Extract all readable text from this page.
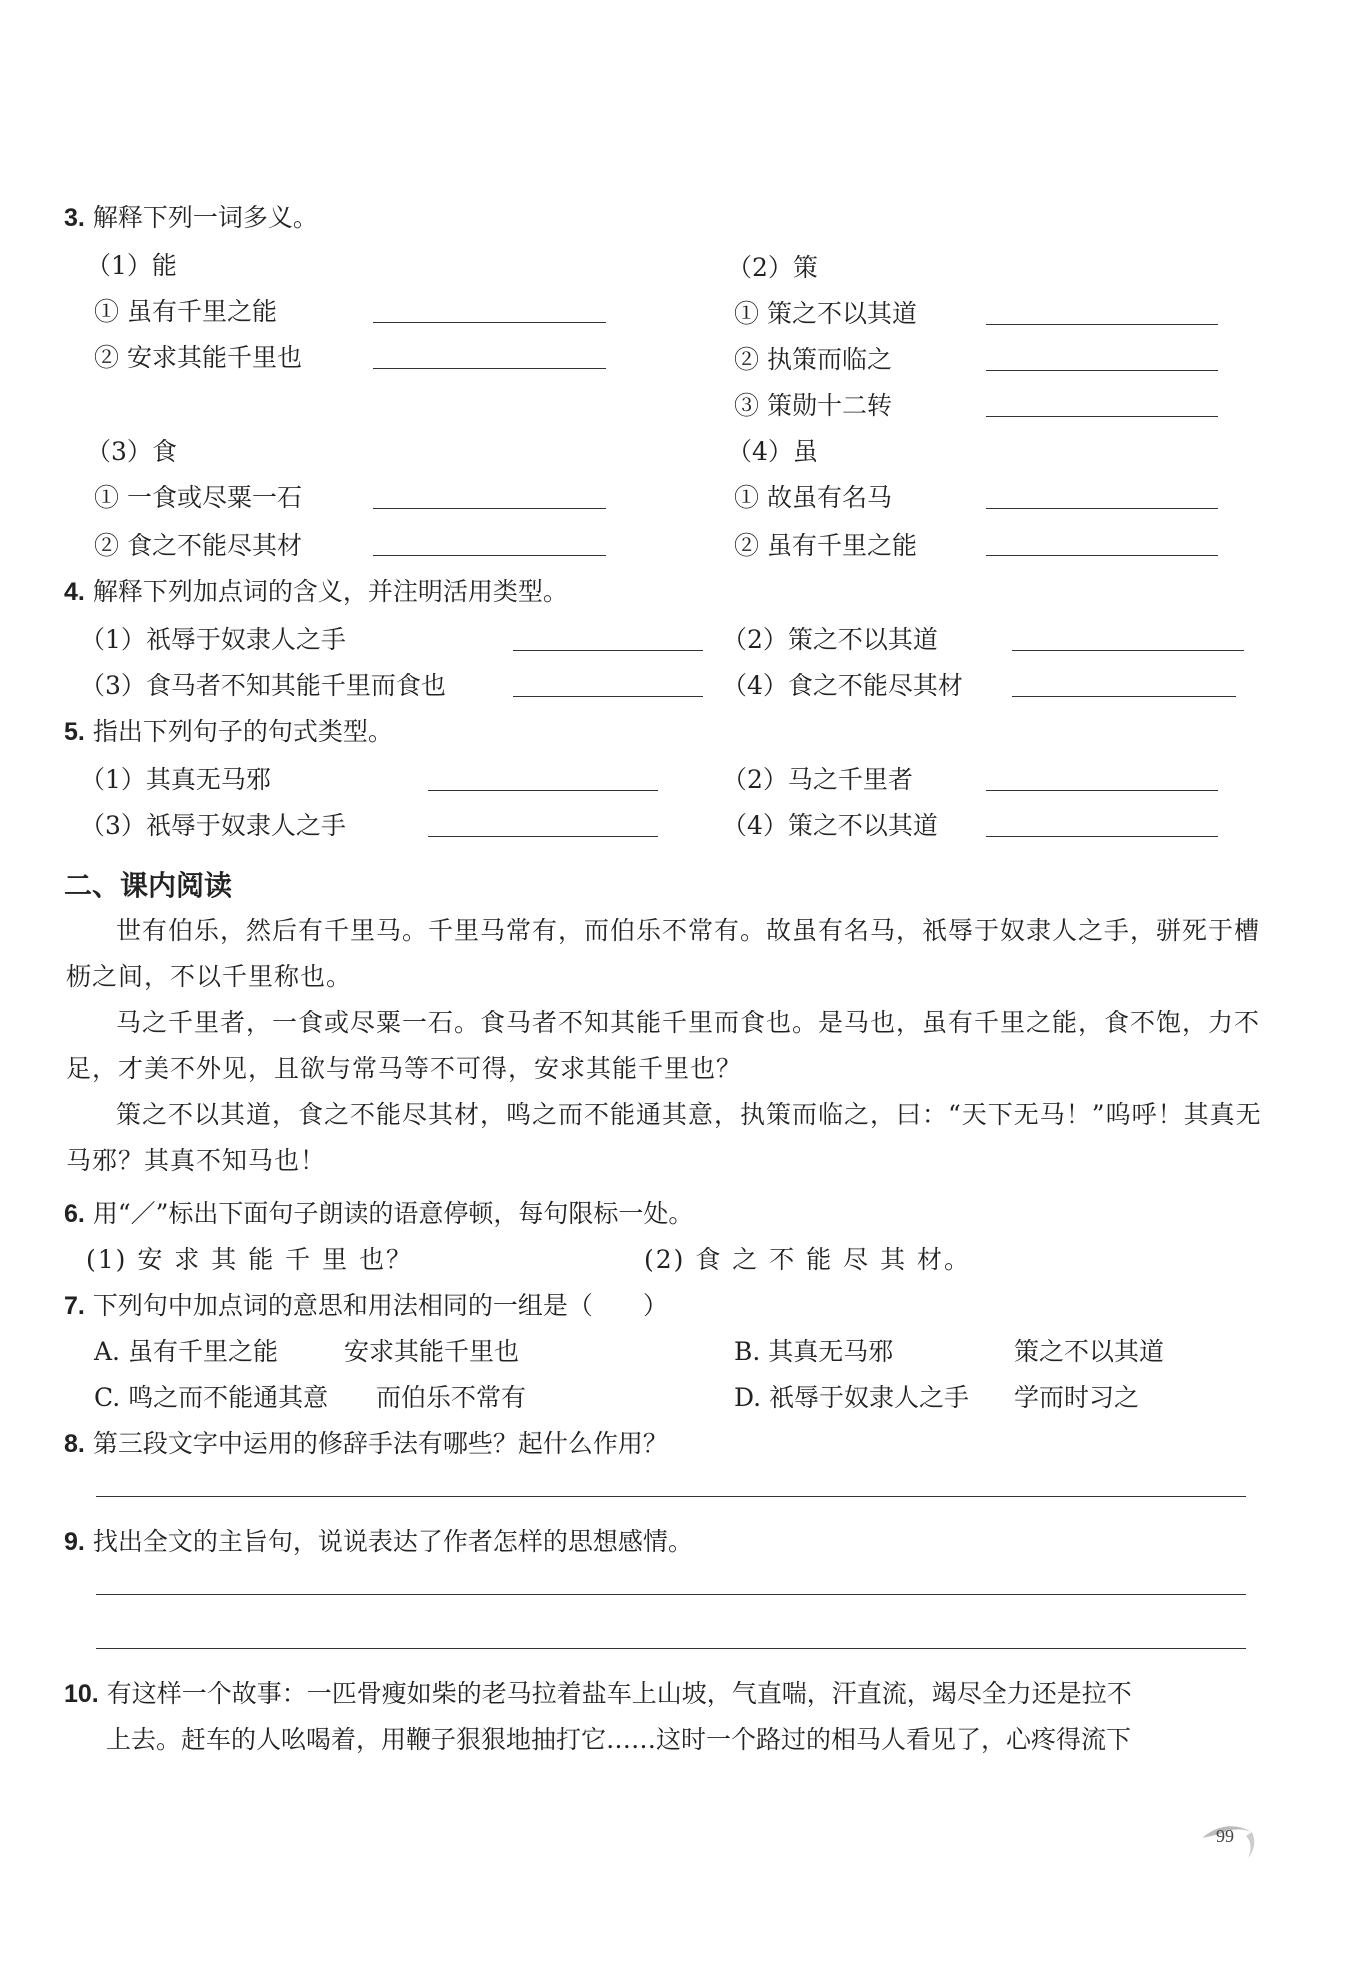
3. 解释下列一词多义。
（1）能
① 虽有千里之能
② 安求其能千里也
（2）策
① 策之不以其道
② 执策而临之
③ 策勋十二转
（3）食
① 一食或尽粟一石
② 食之不能尽其材
（4）虽
① 故虽有名马
② 虽有千里之能
4. 解释下列加点词的含义，并注明活用类型。
（1）祇辱于奴隶人之手	（2）策之不以其道
（3）食马者不知其能千里而食也	（4）食之不能尽其材
5. 指出下列句子的句式类型。
（1）其真无马邪	（2）马之千里者
（3）祇辱于奴隶人之手	（4）策之不以其道
二、课内阅读
世有伯乐，然后有千里马。千里马常有，而伯乐不常有。故虽有名马，祇辱于奴隶人之手，骈死于槽枥之间，不以千里称也。
马之千里者，一食或尽粟一石。食马者不知其能千里而食也。是马也，虽有千里之能，食不饱，力不足，才美不外见，且欲与常马等不可得，安求其能千里也？
策之不以其道，食之不能尽其材，鸣之而不能通其意，执策而临之，曰：“天下无马！”呜呼！其真无马邪？其真不知马也！
6. 用“／”标出下面句子朗读的语意停顿，每句限标一处。
(1) 安 求 其 能 千 里 也？	(2) 食 之 不 能 尽 其 材。
7. 下列句中加点词的意思和用法相同的一组是（　　）
A. 虽有千里之能	安求其能千里也	B. 其真无马邪	策之不以其道
C. 鸣之而不能通其意 而伯乐不常有	D. 祇辱于奴隶人之手 学而时习之
8. 第三段文字中运用的修辞手法有哪些？起什么作用？
9. 找出全文的主旨句，说说表达了作者怎样的思想感情。
10. 有这样一个故事：一匹骨瘦如柴的老马拉着盐车上山坡，气直喘，汗直流，竭尽全力还是拉不
上去。赶车的人吆喝着，用鞭子狠狠地抽打它……这时一个路过的相马人看见了，心疼得流下
99
